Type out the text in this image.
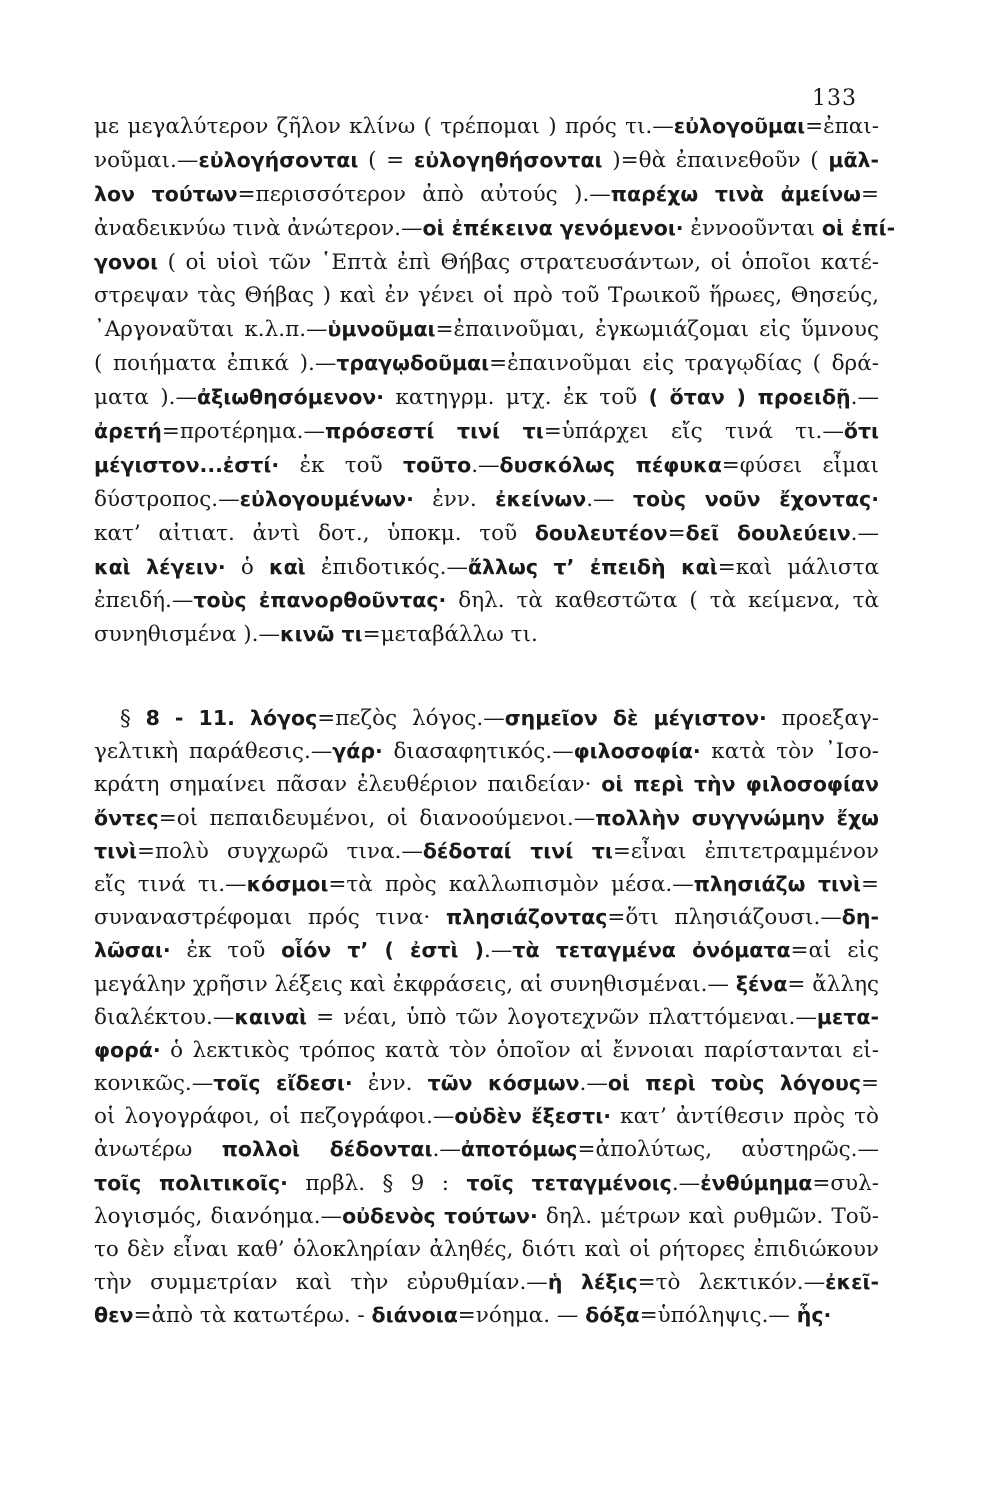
133
με μεγαλύτερον ζῆλον κλίνω ( τρέπομαι ) πρός τι.—εὐλογοῦμαι=ἐπαι-
νοῦμαι.—εὐλογήσονται ( = εὐλογηθήσονται )=θὰ ἐπαινεθοῦν ( μᾶλ-
λον τούτων=περισσότερον ἀπὸ αὐτούς ).—παρέχω τινὰ ἀμείνω=
ἀναδεικνύω τινὰ ἀνώτερον.—οἱ ἐπέκεινα γενόμενοι· ἐννοοῦνται οἱ ἐπί-
γονοι ( οἱ υἱοὶ τῶν ῾Επτὰ ἐπὶ Θήβας στρατευσάντων, οἱ ὁποῖοι κατέ-
στρεψαν τὰς Θήβας ) καὶ ἐν γένει οἱ πρὸ τοῦ Τρωικοῦ ἥρωες, Θησεύς,
᾿Αργοναῦται κ.λ.π.—ὑμνοῦμαι=ἐπαινοῦμαι, ἐγκωμιάζομαι εἰς ὕμνους
( ποιήματα ἐπικά ).—τραγῳδοῦμαι=ἐπαινοῦμαι εἰς τραγῳδίας ( δρά-
ματα ).—ἀξιωθησόμενον· κατηγρμ. μτχ. ἐκ τοῦ ( ὅταν ) προειδῇ.—
ἀρετή=προτέρημα.—πρόσεστί τινί τι=ὑπάρχει εἴς τινά τι.—ὅτι
μέγιστον...ἐστί· ἐκ τοῦ τοῦτο.—δυσκόλως πέφυκα=φύσει εἶμαι
δύστροπος.—εὐλογουμένων· ἐνν. ἐκείνων.— τοὺς νοῦν ἔχοντας·
κατ’ αἰτιατ. ἀντὶ δοτ., ὑποκμ. τοῦ δουλευτέον=δεῖ δουλεύειν.—
καὶ λέγειν· ὁ καὶ ἐπιδοτικός.—ἄλλως τ’ ἐπειδὴ καὶ=καὶ μάλιστα
ἐπειδή.—τοὺς ἐπανορθοῦντας· δηλ. τὰ καθεστῶτα ( τὰ κείμενα, τὰ
συνηθισμένα ).—κινῶ τι=μεταβάλλω τι.
§ 8 - 11. λόγος=πεζὸς λόγος.—σημεῖον δὲ μέγιστον· προεξαγ-
γελτικὴ παράθεσις.—γάρ· διασαφητικός.—φιλοσοφία· κατὰ τὸν ᾿Ισο-
κράτη σημαίνει πᾶσαν ἐλευθέριον παιδείαν· οἱ περὶ τὴν φιλοσοφίαν
ὄντες=οἱ πεπαιδευμένοι, οἱ διανοούμενοι.—πολλὴν συγγνώμην ἔχω
τινὶ=πολὺ συγχωρῶ τινα.—δέδοταί τινί τι=εἶναι ἐπιτετραμμένον
εἴς τινά τι.—κόσμοι=τὰ πρὸς καλλωπισμὸν μέσα.—πλησιάζω τινὶ=
συναναστρέφομαι πρός τινα· πλησιάζοντας=ὅτι πλησιάζουσι.—δη-
λῶσαι· ἐκ τοῦ οἷόν τ’ ( ἐστὶ ).—τὰ τεταγμένα ὀνόματα=αἱ εἰς
μεγάλην χρῆσιν λέξεις καὶ ἐκφράσεις, αἱ συνηθισμέναι.— ξένα= ἄλλης
διαλέκτου.—καιναὶ = νέαι, ὑπὸ τῶν λογοτεχνῶν πλαττόμεναι.—μετα-
φορά· ὁ λεκτικὸς τρόπος κατὰ τὸν ὁποῖον αἱ ἔννοιαι παρίστανται εἰ-
κονικῶς.—τοῖς εἴδεσι· ἐνν. τῶν κόσμων.—οἱ περὶ τοὺς λόγους=
οἱ λογογράφοι, οἱ πεζογράφοι.—οὐδὲν ἔξεστι· κατ’ ἀντίθεσιν πρὸς τὸ
ἀνωτέρω πολλοὶ δέδονται.—ἀποτόμως=ἀπολύτως, αὐστηρῶς.—
τοῖς πολιτικοῖς· πρβλ. § 9 : τοῖς τεταγμένοις.—ἐνθύμημα=συλ-
λογισμός, διανόημα.—οὐδενὸς τούτων· δηλ. μέτρων καὶ ρυθμῶν. Τοῦ-
το δὲν εἶναι καθ’ ὁλοκληρίαν ἀληθές, διότι καὶ οἱ ρήτορες ἐπιδιώκουν
τὴν συμμετρίαν καὶ τὴν εὐρυθμίαν.—ἡ λέξις=τὸ λεκτικόν.—ἐκεῖ-
θεν=ἀπὸ τὰ κατωτέρω. - διάνοια=νόημα. — δόξα=ὑπόληψις.— ἧς·
